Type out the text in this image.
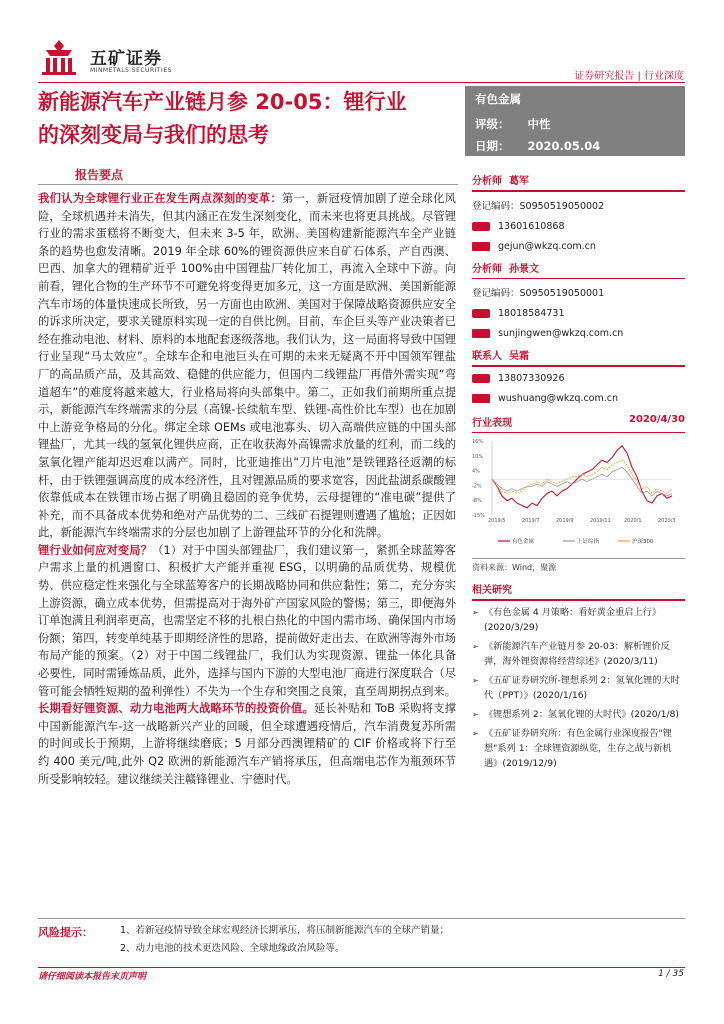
五矿证券
MINMETALS SECURITIES
证券研究报告 | 行业深度
新能源汽车产业链月参 20-05：锂行业
的深刻变局与我们的思考
有色金属
评级： 中性
日期： 2020.05.04
报告要点

我们认为全球锂行业正在发生两点深刻的变革：第一，新冠疫情加剧了逆全球化风险，全球机遇并未消失，但其内涵正在发生深刻变化，而未来也将更具挑战。尽管锂行业的需求蛋糕将不断变大，但未来 3-5 年，欧洲、美国构建新能源汽车全产业链条的趋势也愈发清晰。2019 年全球 60%的锂资源供应来自矿石体系，产自西澳、巴西、加拿大的锂精矿近乎 100%由中国锂盐厂转化加工，再流入全球中下游。向前看，锂化合物的生产环节不可避免将变得更加多元，这一方面是欧洲、美国新能源汽车市场的体量快速成长所致，另一方面也由欧洲、美国对于保障战略资源供应安全的诉求所决定，要求关键原料实现一定的自供比例。目前，车企巨头等产业决策者已经在推动电池、材料、原料的本地配套逐级落地。我们认为，这一局面将导致中国锂行业呈现“马太效应”。全球车企和电池巨头在可期的未来无疑离不开中国领军锂盐厂的高品质产品，及其高效、稳健的供应能力，但国内二线锂盐厂再借外需实现“弯道超车”的难度将越来越大，行业格局将向头部集中。第二，正如我们前期所重点提示，新能源汽车终端需求的分层（高镍-长续航车型、铁锂-高性价比车型）也在加剧中上游竞争格局的分化。绑定全球 OEMs 或电池寡头、切入高端供应链的中国头部锂盐厂，尤其一线的氢氧化锂供应商，正在收获海外高镍需求放量的红利，而二线的氢氧化锂产能却迟迟难以满产。同时，比亚迪推出“刀片电池”是铁锂路径返潮的标杆，由于铁锂强调高度的成本经济性，且对锂源品质的要求宽容，因此盐湖系碳酸锂依靠低成本在铁锂市场占据了明确且稳固的竞争优势，云母提锂的“准电碳”提供了补充，而不具备成本优势和绝对产品优势的二、三线矿石提锂则遭遇了尴尬；正因如此，新能源汽车终端需求的分层也加剧了上游锂盐环节的分化和洗牌。

锂行业如何应对变局？（1）对于中国头部锂盐厂，我们建议第一，紧抓全球蓝筹客户需求上量的机遇窗口、积极扩大产能并重视 ESG，以明确的品质优势、规模优势、供应稳定性来强化与全球蓝筹客户的长期战略协同和供应黏性；第二，充分夯实上游资源，确立成本优势，但需提高对于海外矿产国家风险的警惕；第三，即便海外订单饱满且利润率更高，也需坚定不移的扎根白热化的中国内需市场、确保国内市场份额；第四，转变单纯基于即期经济性的思路，提前做好走出去、在欧洲等海外市场布局产能的预案。（2）对于中国二线锂盐厂，我们认为实现资源、锂盐一体化具备必要性，同时需锤炼品质，此外，选择与国内下游的大型电池厂商进行深度联合（尽管可能会牺牲短期的盈利弹性）不失为一个生存和突围之良策，直至周期拐点到来。

长期看好锂资源、动力电池两大战略环节的投资价值。延长补贴和 ToB 采购将支撑中国新能源汽车-这一战略新兴产业的回暖，但全球遭遇疫情后，汽车消费复苏所需的时间或长于预期，上游将继续磨底；5 月部分西澳锂精矿的 CIF 价格或将下行至约 400 美元/吨,此外 Q2 欧洲的新能源汽车产销将承压，但高端电芯作为瓶颈环节所受影响较轻。建议继续关注赣锋锂业、宁德时代。

分析师 葛军
登记编码：S0950519050002
13601610868
gejun@wkzq.com.cn
分析师 孙景文
登记编码：S0950519050001
18018584731
sunjingwen@wkzq.com.cn
联系人 吴霜
13807330926
wushuang@wkzq.com.cn
行业表现	2020/4/30
16%
10%
4%
-2%
-8%
-15%
2019/5	2019/7	2019/9	2019/11	2020/1	2020/3
有色金属	上证综指	沪深300
资料来源：Wind，聚源
相关研究
➢ 《有色金属 4 月策略：看好黄金重启上行》(2020/3/29)
➢ 《新能源汽车产业链月参 20-03：解析锂价反弹，海外锂资源将经营综述》(2020/3/11)
➢ 《五矿证券研究所-锂想系列 2：氢氧化锂的大时代（PPT）》(2020/1/16)
➢ 《锂想系列 2：氢氧化锂的大时代》(2020/1/8)
➢ 《五矿证券研究所：有色金属行业深度报告"锂想"系列 1：全球锂资源纵览，生存之战与新机遇》(2019/12/9)
风险提示：	1、若新冠疫情导致全球宏观经济长期承压，将压制新能源汽车的全球产销量；
2、动力电池的技术更迭风险、全球地缘政治风险等。
请仔细阅读本报告末页声明	1 / 35
